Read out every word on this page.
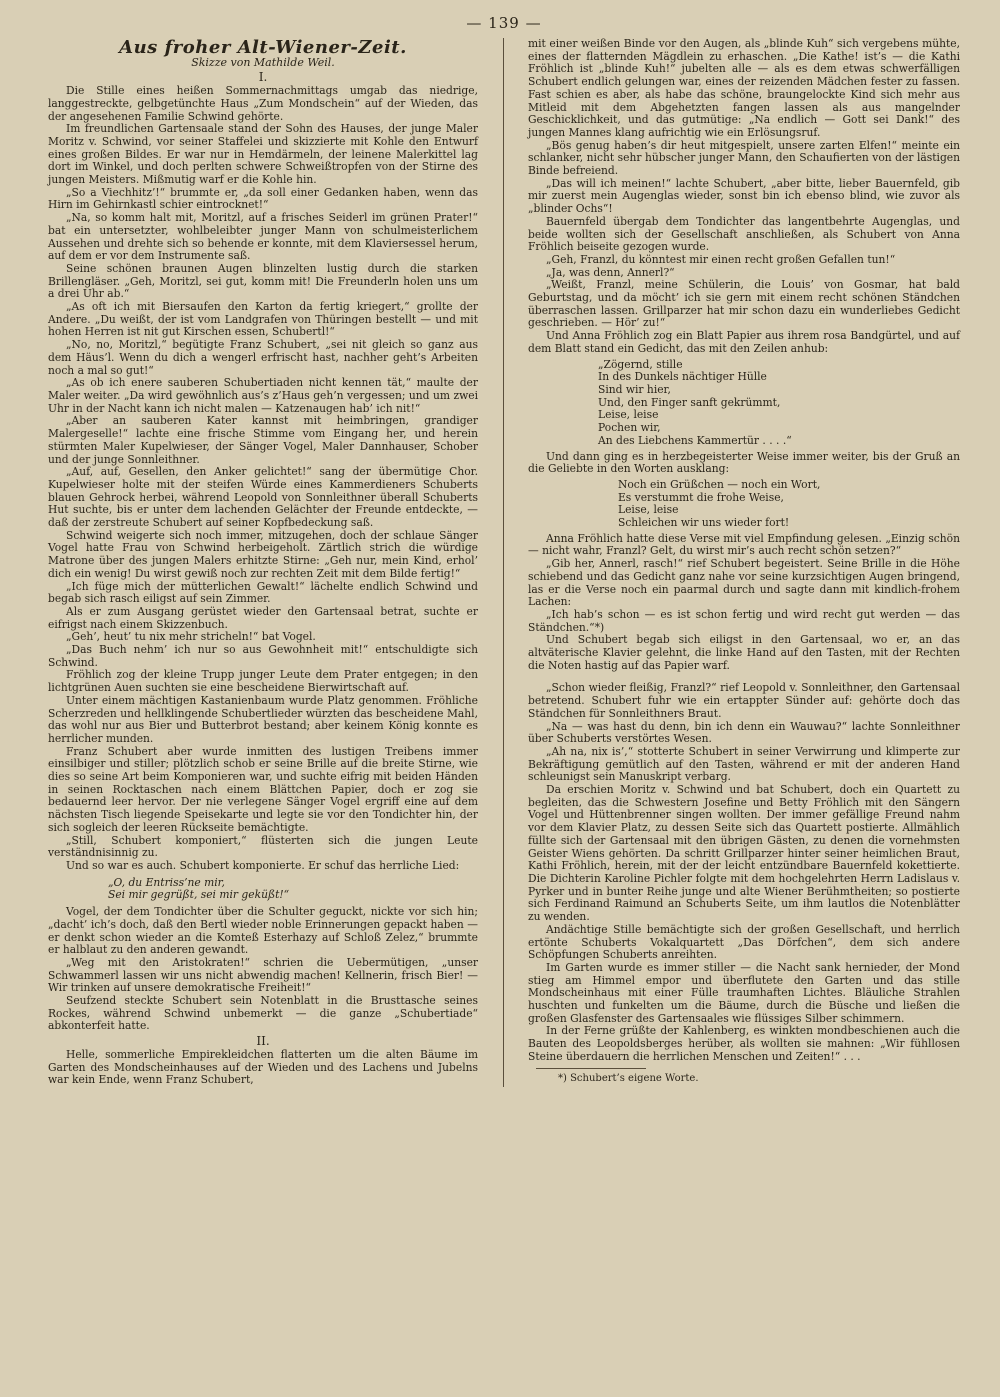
— 139 —
Aus froher Alt-Wiener-Zeit.
Skizze von Mathilde Weil.
I.

Die Stille eines heißen Sommernachmittags umgab das niedrige, langgestreckte, gelbgetünchte Haus „Zum Mondschein“ auf der Wieden, das der angesehenen Familie Schwind gehörte.

Im freundlichen Gartensaale stand der Sohn des Hauses, der junge Maler Moritz v. Schwind, vor seiner Staffelei und skizzierte mit Kohle den Entwurf eines großen Bildes. Er war nur in Hemdärmeln, der leinene Malerkittel lag dort im Winkel, und doch perlten schwere Schweißtropfen von der Stirne des jungen Meisters. Mißmutig warf er die Kohle hin.

„So a Viechhitz’!“ brummte er, „da soll einer Gedanken haben, wenn das Hirn im Gehirnkastl schier eintrocknet!“

„Na, so komm halt mit, Moritzl, auf a frisches Seiderl im grünen Prater!“ bat ein untersetzter, wohlbeleibter junger Mann von schulmeisterlichem Aussehen und drehte sich so behende er konnte, mit dem Klaviersessel herum, auf dem er vor dem Instrumente saß.

Seine schönen braunen Augen blinzelten lustig durch die starken Brillengläser. „Geh, Moritzl, sei gut, komm mit! Die Freunderln holen uns um a drei Uhr ab.“

„As oft ich mit Biersaufen den Karton da fertig kriegert,“ grollte der Andere. „Du weißt, der ist vom Landgrafen von Thüringen bestellt — und mit hohen Herren ist nit gut Kirschen essen, Schubertl!“

„No, no, Moritzl,“ begütigte Franz Schubert, „sei nit gleich so ganz aus dem Häus’l. Wenn du dich a wengerl erfrischt hast, nachher geht’s Arbeiten noch a mal so gut!“

„As ob ich enere sauberen Schubertiaden nicht kennen tät,“ maulte der Maler weiter. „Da wird gewöhnlich aus’s z’Haus geh’n vergessen; und um zwei Uhr in der Nacht kann ich nicht malen — Katzenaugen hab’ ich nit!“

„Aber an sauberen Kater kannst mit heimbringen, grandiger Malergeselle!“ lachte eine frische Stimme vom Eingang her, und herein stürmten Maler Kupelwieser, der Sänger Vogel, Maler Dannhauser, Schober und der junge Sonnleithner.

„Auf, auf, Gesellen, den Anker gelichtet!“ sang der übermütige Chor. Kupelwieser holte mit der steifen Würde eines Kammerdieners Schuberts blauen Gehrock herbei, während Leopold von Sonnleithner überall Schuberts Hut suchte, bis er unter dem lachenden Gelächter der Freunde entdeckte, — daß der zerstreute Schubert auf seiner Kopfbedeckung saß.

Schwind weigerte sich noch immer, mitzugehen, doch der schlaue Sänger Vogel hatte Frau von Schwind herbeigeholt. Zärtlich strich die würdige Matrone über des jungen Malers erhitzte Stirne: „Geh nur, mein Kind, erhol’ dich ein wenig! Du wirst gewiß noch zur rechten Zeit mit dem Bilde fertig!“

„Ich füge mich der mütterlichen Gewalt!“ lächelte endlich Schwind und begab sich rasch eiligst auf sein Zimmer.

Als er zum Ausgang gerüstet wieder den Gartensaal betrat, suchte er eifrigst nach einem Skizzenbuch.

„Geh’, heut’ tu nix mehr stricheln!“ bat Vogel.

„Das Buch nehm’ ich nur so aus Gewohnheit mit!“ entschuldigte sich Schwind.

Fröhlich zog der kleine Trupp junger Leute dem Prater entgegen; in den lichtgrünen Auen suchten sie eine bescheidene Bierwirtschaft auf.

Unter einem mächtigen Kastanienbaum wurde Platz genommen. Fröhliche Scherzreden und hellklingende Schubertlieder würzten das bescheidene Mahl, das wohl nur aus Bier und Butterbrot bestand; aber keinem König konnte es herrlicher munden.

Franz Schubert aber wurde inmitten des lustigen Treibens immer einsilbiger und stiller; plötzlich schob er seine Brille auf die breite Stirne, wie dies so seine Art beim Komponieren war, und suchte eifrig mit beiden Händen in seinen Rocktaschen nach einem Blättchen Papier, doch er zog sie bedauernd leer hervor. Der nie verlegene Sänger Vogel ergriff eine auf dem nächsten Tisch liegende Speisekarte und legte sie vor den Tondichter hin, der sich sogleich der leeren Rückseite bemächtigte.

„Still, Schubert komponiert,“ flüsterten sich die jungen Leute verständnisinnig zu.

Und so war es auch. Schubert komponierte. Er schuf das herrliche Lied:

„O, du Entriss’ne mir,
Sei mir gegrüßt, sei mir geküßt!“

Vogel, der dem Tondichter über die Schulter geguckt, nickte vor sich hin; „dacht’ ich’s doch, daß den Bertl wieder noble Erinnerungen gepackt haben — er denkt schon wieder an die Komteß Esterhazy auf Schloß Zelez,“ brummte er halblaut zu den anderen gewandt.

„Weg mit den Aristokraten!“ schrien die Uebermütigen, „unser Schwammerl lassen wir uns nicht abwendig machen! Kellnerin, frisch Bier! — Wir trinken auf unsere demokratische Freiheit!“

Seufzend steckte Schubert sein Notenblatt in die Brusttasche seines Rockes, während Schwind unbemerkt — die ganze „Schubertiade“ abkonterfeit hatte.

II.

Helle, sommerliche Empirekleidchen flatterten um die alten Bäume im Garten des Mondscheinhauses auf der Wieden und des Lachens und Jubelns war kein Ende, wenn Franz Schubert,

mit einer weißen Binde vor den Augen, als „blinde Kuh“ sich vergebens mühte, eines der flatternden Mägdlein zu erhaschen. „Die Kathe! ist’s — die Kathi Fröhlich ist „blinde Kuh!“ jubelten alle — als es dem etwas schwerfälligen Schubert endlich gelungen war, eines der reizenden Mädchen fester zu fassen. Fast schien es aber, als habe das schöne, braungelockte Kind sich mehr aus Mitleid mit dem Abgehetzten fangen lassen als aus mangelnder Geschicklichkeit, und das gutmütige: „Na endlich — Gott sei Dank!“ des jungen Mannes klang aufrichtig wie ein Erlösungsruf.

„Bös genug haben’s dir heut mitgespielt, unsere zarten Elfen!“ meinte ein schlanker, nicht sehr hübscher junger Mann, den Schaufierten von der lästigen Binde befreiend.

„Das will ich meinen!“ lachte Schubert, „aber bitte, lieber Bauernfeld, gib mir zuerst mein Augenglas wieder, sonst bin ich ebenso blind, wie zuvor als „blinder Ochs“!

Bauernfeld übergab dem Tondichter das langentbehrte Augenglas, und beide wollten sich der Gesellschaft anschließen, als Schubert von Anna Fröhlich beiseite gezogen wurde.

„Geh, Franzl, du könntest mir einen recht großen Gefallen tun!“

„Ja, was denn, Annerl?“

„Weißt, Franzl, meine Schülerin, die Louis’ von Gosmar, hat bald Geburtstag, und da möcht’ ich sie gern mit einem recht schönen Ständchen überraschen lassen. Grillparzer hat mir schon dazu ein wunderliebes Gedicht geschrieben. — Hör’ zu!“

Und Anna Fröhlich zog ein Blatt Papier aus ihrem rosa Bandgürtel, und auf dem Blatt stand ein Gedicht, das mit den Zeilen anhub:

„Zögernd, stille
In des Dunkels nächtiger Hülle
Sind wir hier,
Und, den Finger sanft gekrümmt,
Leise, leise
Pochen wir,
An des Liebchens Kammertür . . . .“

Und dann ging es in herzbegeisterter Weise immer weiter, bis der Gruß an die Geliebte in den Worten ausklang:

Noch ein Grüßchen — noch ein Wort,
Es verstummt die frohe Weise,
Leise, leise
Schleichen wir uns wieder fort!

Anna Fröhlich hatte diese Verse mit viel Empfindung gelesen. „Einzig schön — nicht wahr, Franzl? Gelt, du wirst mir’s auch recht schön setzen?“

„Gib her, Annerl, rasch!“ rief Schubert begeistert. Seine Brille in die Höhe schiebend und das Gedicht ganz nahe vor seine kurzsichtigen Augen bringend, las er die Verse noch ein paarmal durch und sagte dann mit kindlich-frohem Lachen:

„Ich hab’s schon — es ist schon fertig und wird recht gut werden — das Ständchen.“*)

Und Schubert begab sich eiligst in den Gartensaal, wo er, an das altväterische Klavier gelehnt, die linke Hand auf den Tasten, mit der Rechten die Noten hastig auf das Papier warf.

„Schon wieder fleißig, Franzl?“ rief Leopold v. Sonnleithner, den Gartensaal betretend. Schubert fuhr wie ein ertappter Sünder auf: gehörte doch das Ständchen für Sonnleithners Braut.

„Na — was hast du denn, bin ich denn ein Wauwau?“ lachte Sonnleithner über Schuberts verstörtes Wesen.

„Ah na, nix is’,“ stotterte Schubert in seiner Verwirrung und klimperte zur Bekräftigung gemütlich auf den Tasten, während er mit der anderen Hand schleunigst sein Manuskript verbarg.

Da erschien Moritz v. Schwind und bat Schubert, doch ein Quartett zu begleiten, das die Schwestern Josefine und Betty Fröhlich mit den Sängern Vogel und Hüttenbrenner singen wollten. Der immer gefällige Freund nahm vor dem Klavier Platz, zu dessen Seite sich das Quartett postierte. Allmählich füllte sich der Gartensaal mit den übrigen Gästen, zu denen die vornehmsten Geister Wiens gehörten. Da schritt Grillparzer hinter seiner heimlichen Braut, Kathi Fröhlich, herein, mit der der leicht entzündbare Bauernfeld kokettierte. Die Dichterin Karoline Pichler folgte mit dem hochgelehrten Herrn Ladislaus v. Pyrker und in bunter Reihe junge und alte Wiener Berühmtheiten; so postierte sich Ferdinand Raimund an Schuberts Seite, um ihm lautlos die Notenblätter zu wenden.

Andächtige Stille bemächtigte sich der großen Gesellschaft, und herrlich ertönte Schuberts Vokalquartett „Das Dörfchen“, dem sich andere Schöpfungen Schuberts anreihten.

Im Garten wurde es immer stiller — die Nacht sank hernieder, der Mond stieg am Himmel empor und überflutete den Garten und das stille Mondscheinhaus mit einer Fülle traumhaften Lichtes. Bläuliche Strahlen huschten und funkelten um die Bäume, durch die Büsche und ließen die großen Glasfenster des Gartensaales wie flüssiges Silber schimmern.

In der Ferne grüßte der Kahlenberg, es winkten mondbeschienen auch die Bauten des Leopoldsberges herüber, als wollten sie mahnen: „Wir fühllosen Steine überdauern die herrlichen Menschen und Zeiten!“ . . .

*) Schubert’s eigene Worte.
